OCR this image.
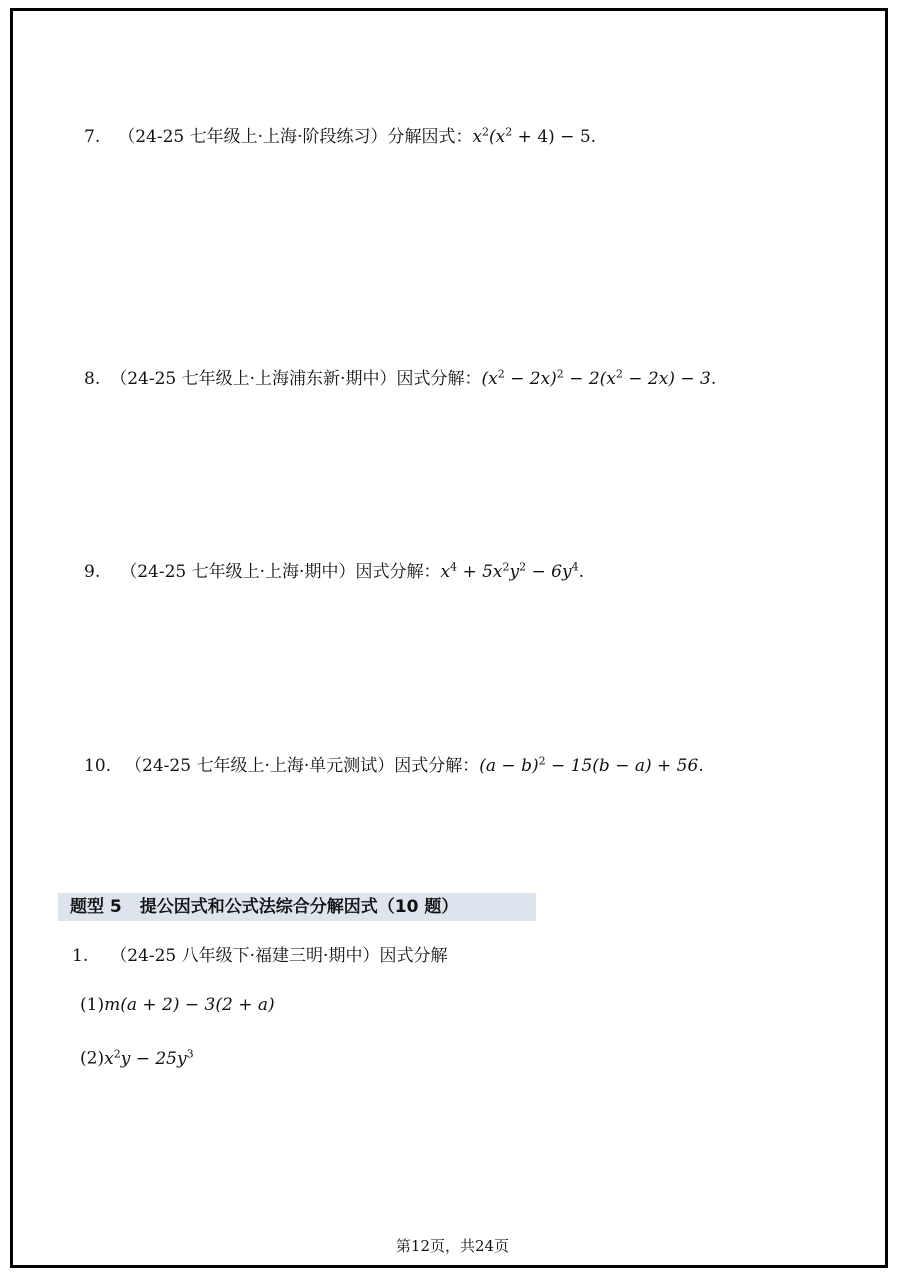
7. （24-25 七年级上·上海·阶段练习）分解因式：$x^2(x^2 + 4) - 5$.
8. （24-25 七年级上·上海浦东新·期中）因式分解：$(x^2 - 2x)^2 - 2(x^2 - 2x) - 3$.
9. （24-25 七年级上·上海·期中）因式分解：$x^4 + 5x^2y^2 - 6y^4$.
10. （24-25 七年级上·上海·单元测试）因式分解：$(a - b)^2 - 15(b - a) + 56$.
题型 5 提公因式和公式法综合分解因式（10 题）
1. （24-25 八年级下·福建三明·期中）因式分解
(1)m(a + 2) − 3(2 + a)
$(2)x^2y - 25y^3$
第12页，共24页
